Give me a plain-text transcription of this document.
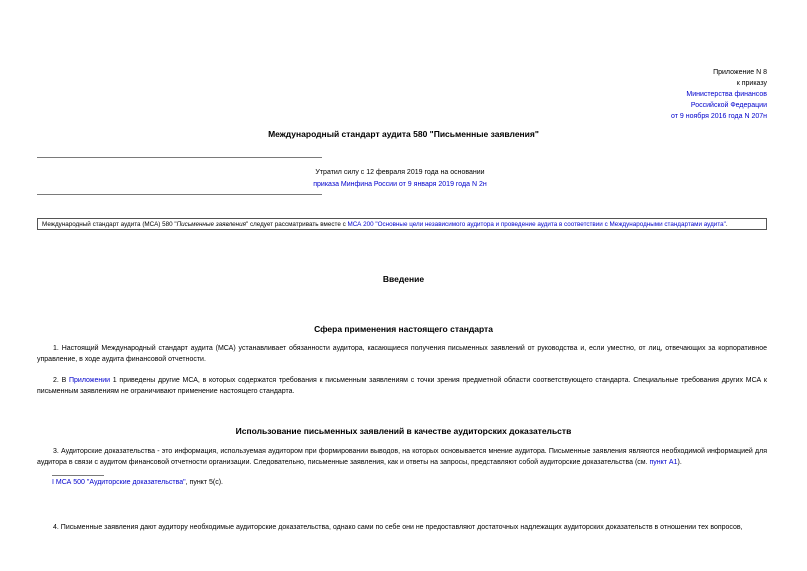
Приложение N 8
к приказу
Министерства финансов
Российской Федерации
от 9 ноября 2016 года N 207н
Международный стандарт аудита 580 "Письменные заявления"
Утратил силу с 12 февраля 2019 года на основании
приказа Минфина России от 9 января 2019 года N 2н
Международный стандарт аудита (МСА) 580 "Письменные заявления" следует рассматривать вместе с МСА 200 "Основные цели независимого аудитора и проведение аудита в соответствии с Международными стандартами аудита".
Введение
Сфера применения настоящего стандарта
1. Настоящий Международный стандарт аудита (МСА) устанавливает обязанности аудитора, касающиеся получения письменных заявлений от руководства и, если уместно, от лиц, отвечающих за корпоративное управление, в ходе аудита финансовой отчетности.
2. В Приложении 1 приведены другие МСА, в которых содержатся требования к письменным заявлениям с точки зрения предметной области соответствующего стандарта. Специальные требования других МСА к письменным заявлениям не ограничивают применение настоящего стандарта.
Использование письменных заявлений в качестве аудиторских доказательств
3. Аудиторские доказательства - это информация, используемая аудитором при формировании выводов, на которых основывается мнение аудитора. Письменные заявления являются необходимой информацией для аудитора в связи с аудитом финансовой отчетности организации. Следовательно, письменные заявления, как и ответы на запросы, представляют собой аудиторские доказательства (см. пункт A1).
I МСА 500 "Аудиторские доказательства", пункт 5(с).
4. Письменные заявления дают аудитору необходимые аудиторские доказательства, однако сами по себе они не предоставляют достаточных надлежащих аудиторских доказательств в отношении тех вопросов,
